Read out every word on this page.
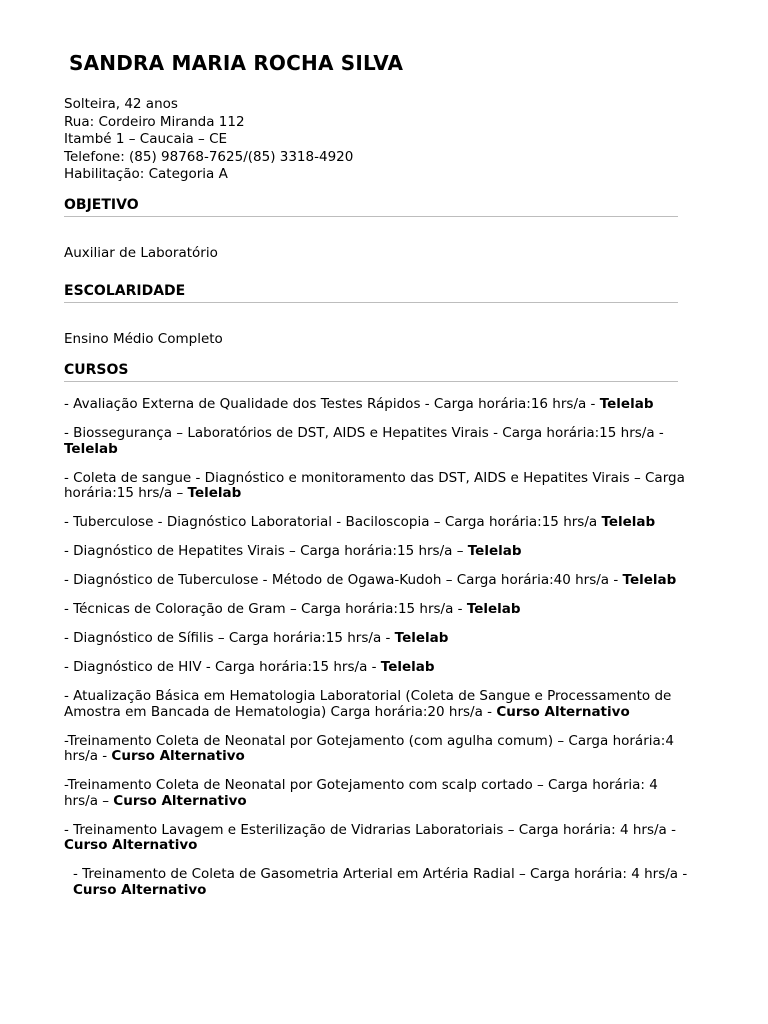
SANDRA MARIA ROCHA SILVA
Solteira, 42 anos
Rua: Cordeiro Miranda 112
Itambé 1 – Caucaia – CE
Telefone: (85) 98768-7625/(85) 3318-4920
Habilitação: Categoria A
OBJETIVO
Auxiliar de Laboratório
ESCOLARIDADE
Ensino Médio Completo
CURSOS
- Avaliação Externa de Qualidade dos Testes Rápidos - Carga horária:16 hrs/a - Telelab
- Biossegurança – Laboratórios de DST, AIDS e Hepatites Virais - Carga horária:15 hrs/a - Telelab
- Coleta de sangue - Diagnóstico e monitoramento das DST, AIDS e Hepatites Virais – Carga horária:15 hrs/a – Telelab
- Tuberculose - Diagnóstico Laboratorial - Baciloscopia – Carga horária:15 hrs/a Telelab
- Diagnóstico de Hepatites Virais – Carga horária:15 hrs/a – Telelab
- Diagnóstico de Tuberculose - Método de Ogawa-Kudoh – Carga horária:40 hrs/a - Telelab
- Técnicas de Coloração de Gram – Carga horária:15 hrs/a - Telelab
- Diagnóstico de Sífilis – Carga horária:15 hrs/a - Telelab
- Diagnóstico de HIV - Carga horária:15 hrs/a - Telelab
- Atualização Básica em Hematologia Laboratorial (Coleta de Sangue e Processamento de Amostra em Bancada de Hematologia) Carga horária:20 hrs/a - Curso Alternativo
-Treinamento Coleta de Neonatal por Gotejamento (com agulha comum) – Carga horária:4 hrs/a - Curso Alternativo
-Treinamento Coleta de Neonatal por Gotejamento com scalp cortado – Carga horária: 4 hrs/a – Curso Alternativo
- Treinamento Lavagem e Esterilização de Vidrarias Laboratoriais – Carga horária: 4 hrs/a - Curso Alternativo
- Treinamento de Coleta de Gasometria Arterial em Artéria Radial – Carga horária: 4 hrs/a - Curso Alternativo
